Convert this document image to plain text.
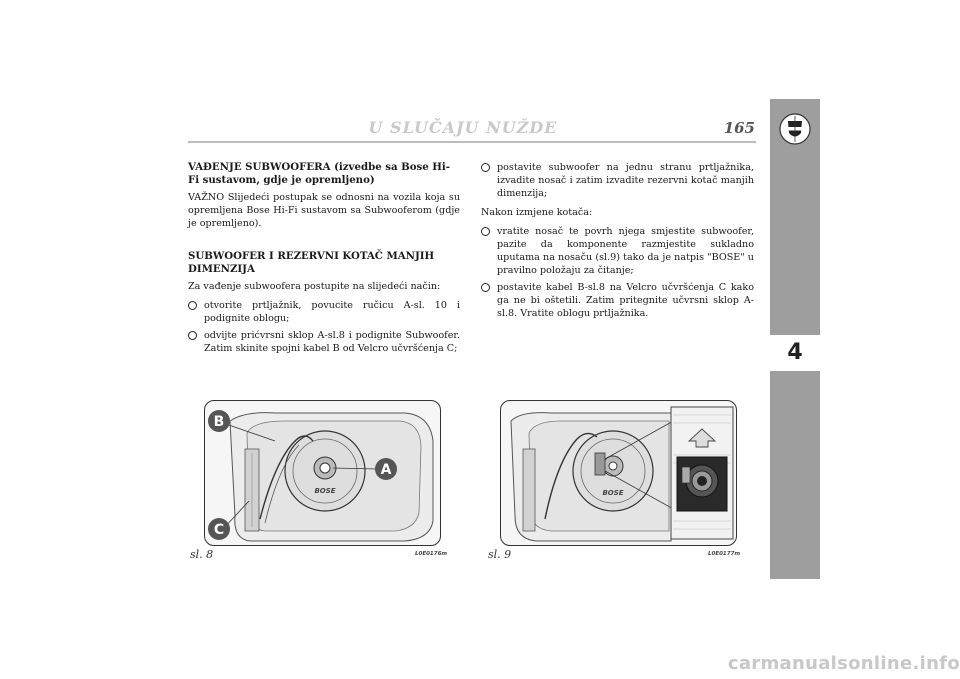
U SLUČAJU NUŽDE	165
4
VAĐENJE SUBWOOFERA (izvedbe sa Bose Hi-Fi sustavom, gdje je opremljeno)
VAŽNO Slijedeći postupak se odnosni na vozila koja su opremljena Bose Hi-Fi sustavom sa Subwooferom (gdje je opremljeno).
SUBWOOFER I REZERVNI KOTAČ MANJIH DIMENZIJA
Za vađenje subwoofera postupite na slijedeći način:
otvorite prtljažnik, povucite ručicu A-sl. 10 i podignite oblogu;
odvijte prićvrsni sklop A-sl.8 i podignite Subwoofer. Zatim skinite spojni kabel B od Velcro učvršćenja C;
postavite subwoofer na jednu stranu prtljažnika, izvadite nosač i zatim izvadite rezervni kotač manjih dimenzija;
Nakon izmjene kotača:
vratite nosač te povrh njega smjestite subwoofer, pazite da komponente razmjestite sukladno uputama na nosaču (sl.9) tako da je natpis "BOSE" u pravilno položaju za čitanje;
postavite kabel B-sl.8 na Velcro učvršćenja C kako ga ne bi oštetili. Zatim pritegnite učvrsni sklop A-sl.8. Vratite oblogu prtljažnika.
BOSE
B
A
C
sl. 8	L0E0176m
BOSE
sl. 9	L0E0177m
carmanualsonline.info
